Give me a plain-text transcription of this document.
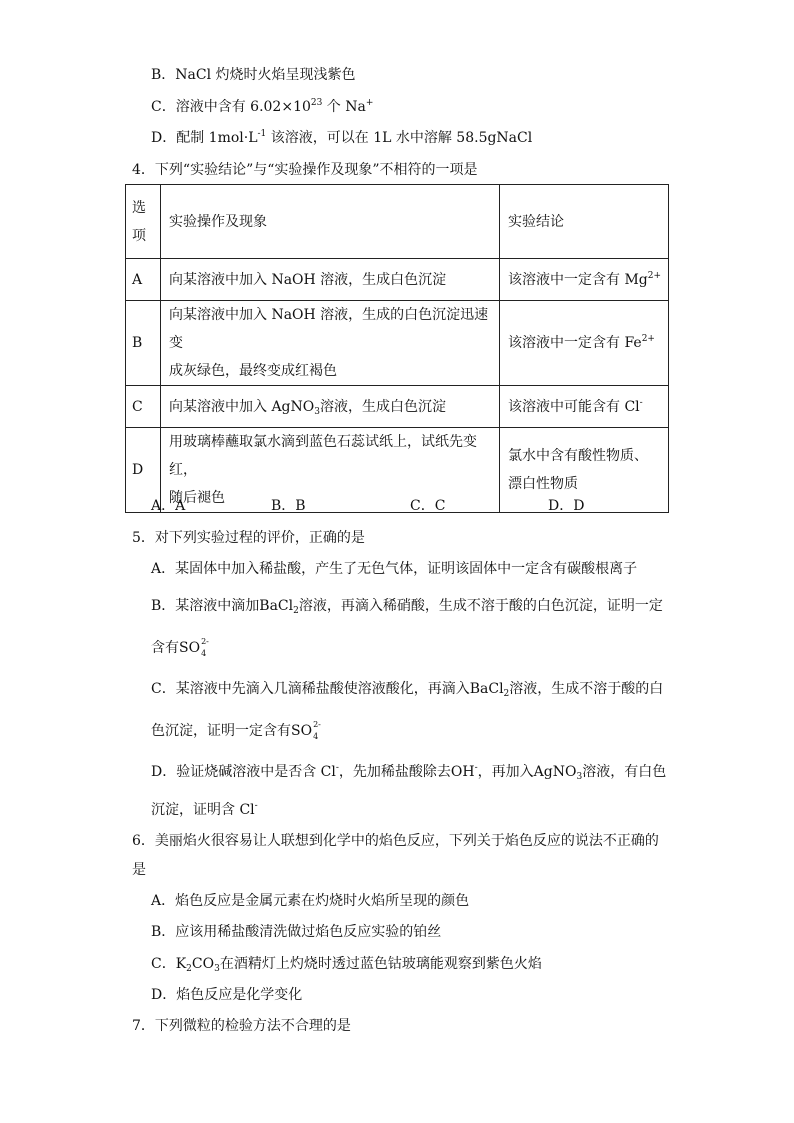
B．NaCl 灼烧时火焰呈现浅紫色
C．溶液中含有 $6.02\times 10^{23}$ 个 Na+
D．配制 $1mol\cdot L^{-1}$ 该溶液，可以在 1L 水中溶解 58.5gNaCl
4．下列“实验结论”与“实验操作及现象”不相符的一项是
选
项	实验操作及现象	实验结论
A	向某溶液中加入 NaOH 溶液，生成白色沉淀	该溶液中一定含有 $Mg^{2+}$
B	向某溶液中加入 NaOH 溶液，生成的白色沉淀迅速变
成灰绿色，最终变成红褐色	该溶液中一定含有 $Fe^{2+}$
C	向某溶液中加入 AgNO$_3$溶液，生成白色沉淀	该溶液中可能含有 Cl-
D	用玻璃棒蘸取氯水滴到蓝色石蕊试纸上，试纸先变红，
随后褪色	氯水中含有酸性物质、
漂白性物质
A．A	B．B	C．C	D．D
5．对下列实验过程的评价，正确的是
A．某固体中加入稀盐酸，产生了无色气体，证明该固体中一定含有碳酸根离子
B．某溶液中滴加BaCl$_2$溶液，再滴入稀硝酸，生成不溶于酸的白色沉淀，证明一定
含有SO 2-
4
C．某溶液中先滴入几滴稀盐酸使溶液酸化，再滴入BaCl$_2$溶液，生成不溶于酸的白
色沉淀，证明一定含有SO 2-
4
D．验证烧碱溶液中是否含 Cl-，先加稀盐酸除去OH-，再加入AgNO$_3$溶液，有白色
沉淀，证明含 Cl-
6．美丽焰火很容易让人联想到化学中的焰色反应，下列关于焰色反应的说法不正确的
是
A．焰色反应是金属元素在灼烧时火焰所呈现的颜色
B．应该用稀盐酸清洗做过焰色反应实验的铂丝
C．$K_2CO_3$在酒精灯上灼烧时透过蓝色钴玻璃能观察到紫色火焰
D．焰色反应是化学变化
7．下列微粒的检验方法不合理的是
